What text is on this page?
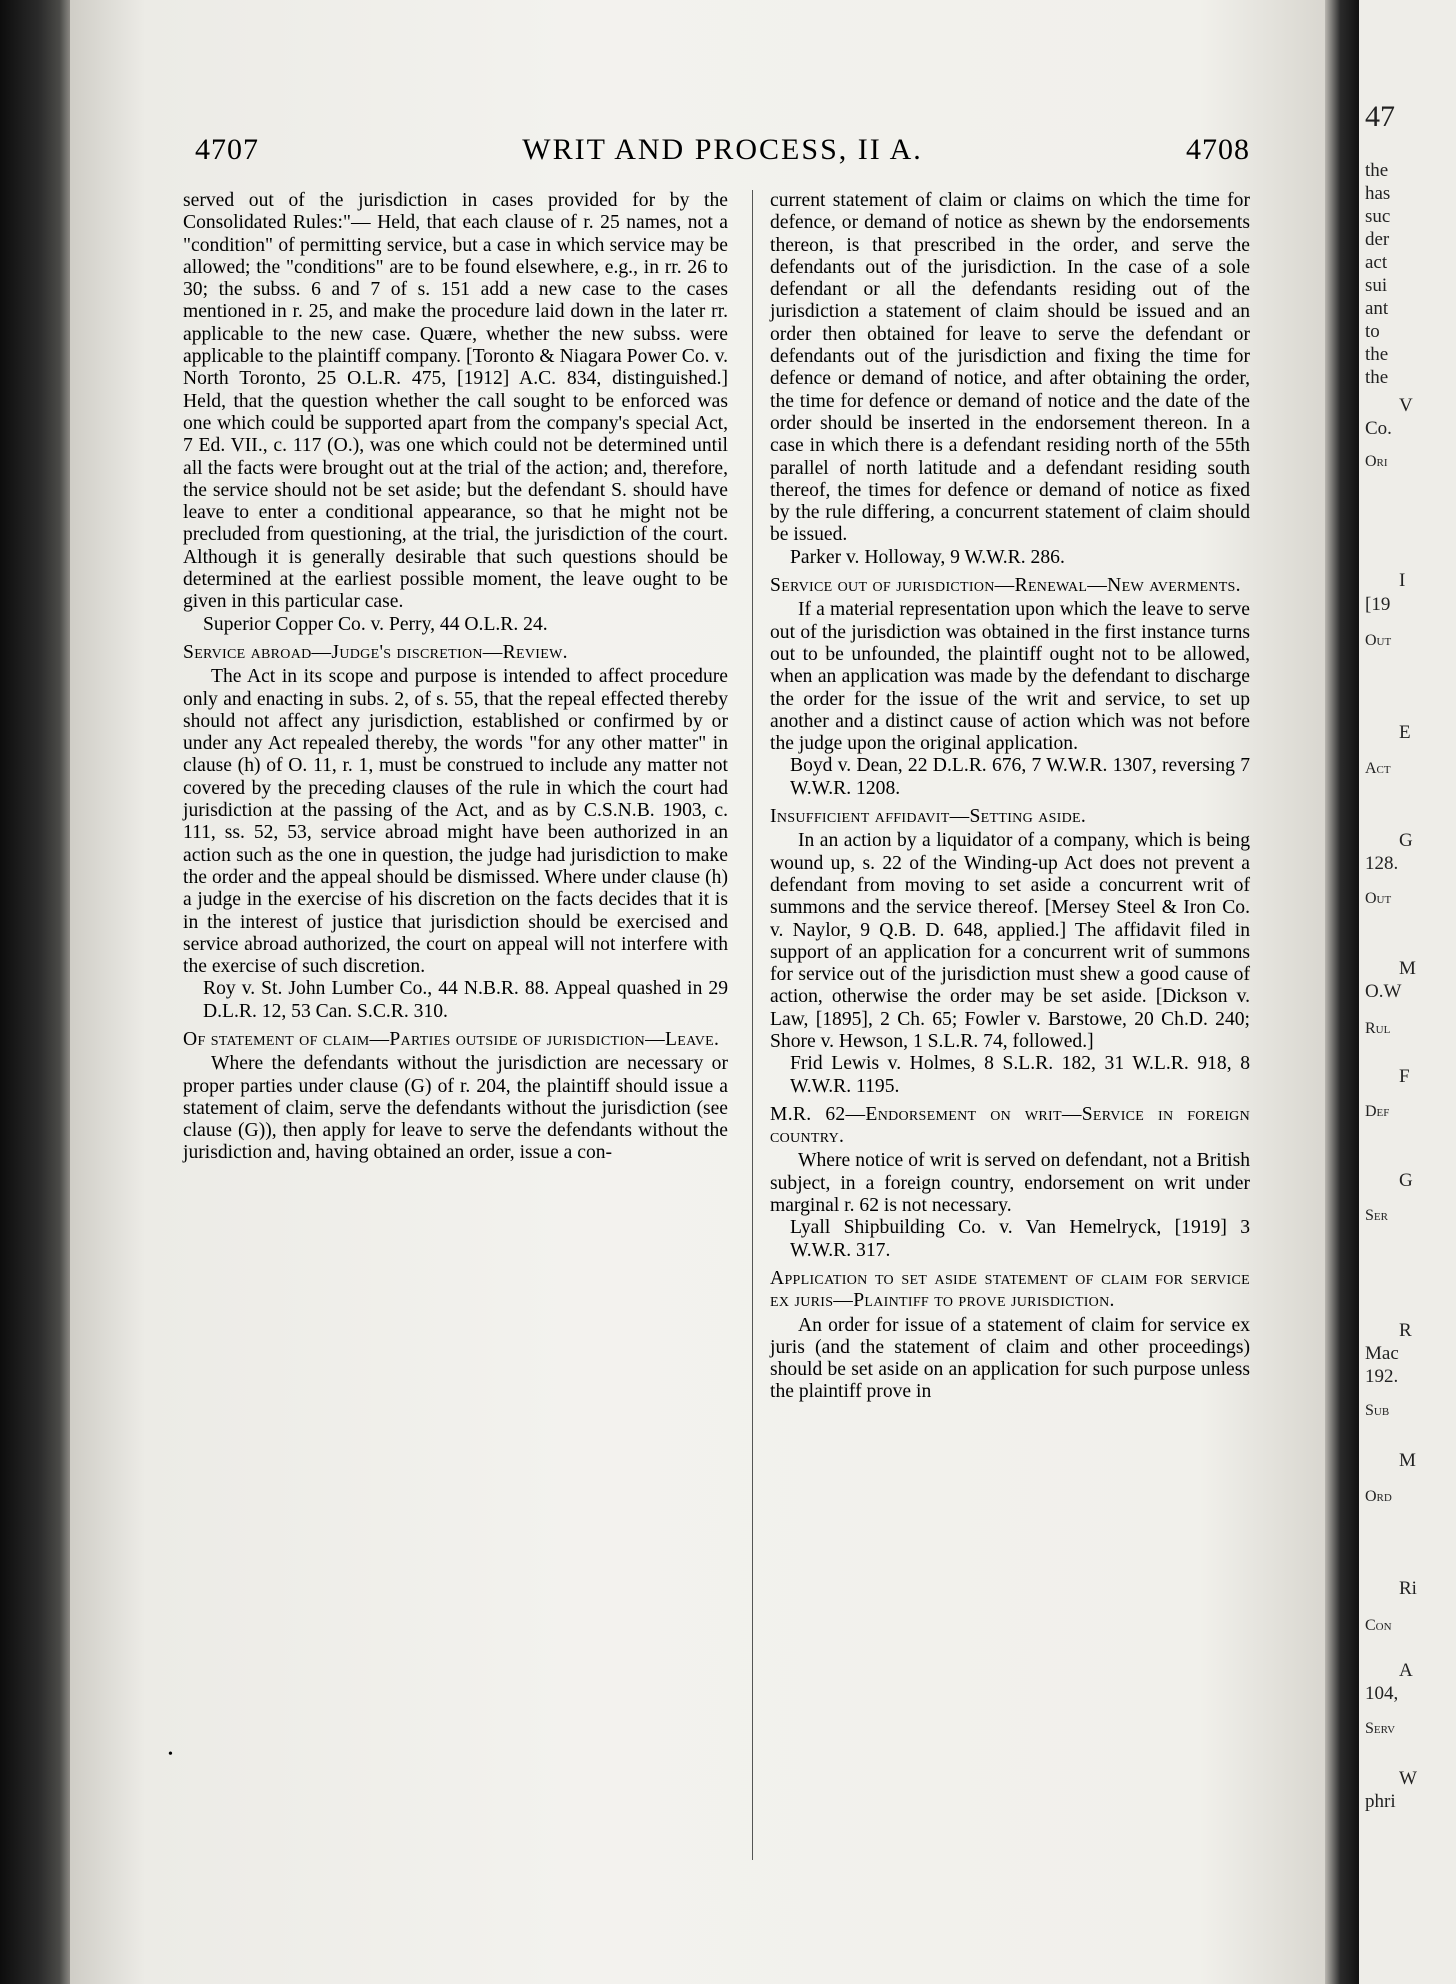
4707	WRIT AND PROCESS, II A.	4708

served out of the jurisdiction in cases provided for by the Consolidated Rules:"— Held, that each clause of r. 25 names, not a "condition" of permitting service, but a case in which service may be allowed; the "conditions" are to be found elsewhere, e.g., in rr. 26 to 30; the subss. 6 and 7 of s. 151 add a new case to the cases mentioned in r. 25, and make the procedure laid down in the later rr. applicable to the new case. Quære, whether the new subss. were applicable to the plaintiff company. [Toronto & Niagara Power Co. v. North Toronto, 25 O.L.R. 475, [1912] A.C. 834, distinguished.] Held, that the question whether the call sought to be enforced was one which could be supported apart from the company's special Act, 7 Ed. VII., c. 117 (O.), was one which could not be determined until all the facts were brought out at the trial of the action; and, therefore, the service should not be set aside; but the defendant S. should have leave to enter a conditional appearance, so that he might not be precluded from questioning, at the trial, the jurisdiction of the court. Although it is generally desirable that such questions should be determined at the earliest possible moment, the leave ought to be given in this particular case.

Superior Copper Co. v. Perry, 44 O.L.R. 24.

Service abroad—Judge's discretion—Review.

The Act in its scope and purpose is intended to affect procedure only and enacting in subs. 2, of s. 55, that the repeal effected thereby should not affect any jurisdiction, established or confirmed by or under any Act repealed thereby, the words "for any other matter" in clause (h) of O. 11, r. 1, must be construed to include any matter not covered by the preceding clauses of the rule in which the court had jurisdiction at the passing of the Act, and as by C.S.N.B. 1903, c. 111, ss. 52, 53, service abroad might have been authorized in an action such as the one in question, the judge had jurisdiction to make the order and the appeal should be dismissed. Where under clause (h) a judge in the exercise of his discretion on the facts decides that it is in the interest of justice that jurisdiction should be exercised and service abroad authorized, the court on appeal will not interfere with the exercise of such discretion.

Roy v. St. John Lumber Co., 44 N.B.R. 88. Appeal quashed in 29 D.L.R. 12, 53 Can. S.C.R. 310.

Of statement of claim—Parties outside of jurisdiction—Leave.

Where the defendants without the jurisdiction are necessary or proper parties under clause (G) of r. 204, the plaintiff should issue a statement of claim, serve the defendants without the jurisdiction (see clause (G)), then apply for leave to serve the defendants without the jurisdiction and, having obtained an order, issue a con-

•

current statement of claim or claims on which the time for defence, or demand of notice as shewn by the endorsements thereon, is that prescribed in the order, and serve the defendants out of the jurisdiction. In the case of a sole defendant or all the defendants residing out of the jurisdiction a statement of claim should be issued and an order then obtained for leave to serve the defendant or defendants out of the jurisdiction and fixing the time for defence or demand of notice, and after obtaining the order, the time for defence or demand of notice and the date of the order should be inserted in the endorsement thereon. In a case in which there is a defendant residing north of the 55th parallel of north latitude and a defendant residing south thereof, the times for defence or demand of notice as fixed by the rule differing, a concurrent statement of claim should be issued.

Parker v. Holloway, 9 W.W.R. 286.

Service out of jurisdiction—Renewal—New averments.

If a material representation upon which the leave to serve out of the jurisdiction was obtained in the first instance turns out to be unfounded, the plaintiff ought not to be allowed, when an application was made by the defendant to discharge the order for the issue of the writ and service, to set up another and a distinct cause of action which was not before the judge upon the original application.

Boyd v. Dean, 22 D.L.R. 676, 7 W.W.R. 1307, reversing 7 W.W.R. 1208.

Insufficient affidavit—Setting aside.

In an action by a liquidator of a company, which is being wound up, s. 22 of the Winding-up Act does not prevent a defendant from moving to set aside a concurrent writ of summons and the service thereof. [Mersey Steel & Iron Co. v. Naylor, 9 Q.B. D. 648, applied.] The affidavit filed in support of an application for a concurrent writ of summons for service out of the jurisdiction must shew a good cause of action, otherwise the order may be set aside. [Dickson v. Law, [1895], 2 Ch. 65; Fowler v. Barstowe, 20 Ch.D. 240; Shore v. Hewson, 1 S.L.R. 74, followed.]

Frid Lewis v. Holmes, 8 S.L.R. 182, 31 W.L.R. 918, 8 W.W.R. 1195.

M.R. 62—Endorsement on writ—Service in foreign country.

Where notice of writ is served on defendant, not a British subject, in a foreign country, endorsement on writ under marginal r. 62 is not necessary.

Lyall Shipbuilding Co. v. Van Hemelryck, [1919] 3 W.W.R. 317.

Application to set aside statement of claim for service ex juris—Plaintiff to prove jurisdiction.

An order for issue of a statement of claim for service ex juris (and the statement of claim and other proceedings) should be set aside on an application for such purpose unless the plaintiff prove in

47
the
has
suc
der
act
sui
ant
to
the
the
V
Co.
Ori
I
[19
Out
E
Act
G
128.
Out
M
O.W
Rul
F
Def
G
Ser
R
Mac
192.
Sub
M
Ord
Ri
Con
A
104,
Serv
W
phri
